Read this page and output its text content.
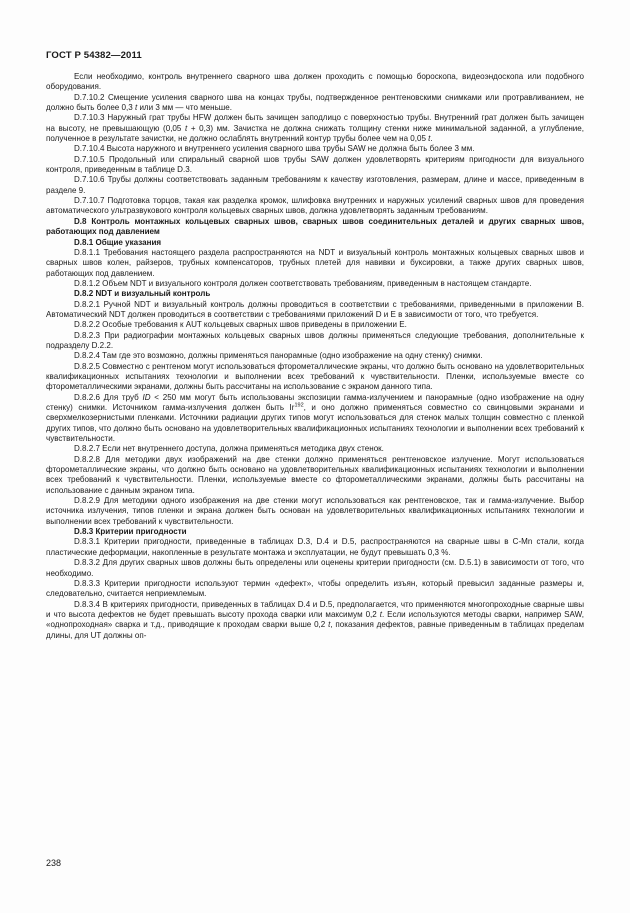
ГОСТ Р 54382—2011

Если необходимо, контроль внутреннего сварного шва должен проходить с помощью бороскопа, видеоэндоскопа или подобного оборудования.

D.7.10.2 Смещение усиления сварного шва на концах трубы, подтвержденное рентгеновскими снимками или протравливанием, не должно быть более 0,3 t или 3 мм — что меньше.

D.7.10.3 Наружный грат трубы HFW должен быть зачищен заподлицо с поверхностью трубы. Внутренний грат должен быть зачищен на высоту, не превышающую (0,05 t + 0,3) мм. Зачистка не должна снижать толщину стенки ниже минимальной заданной, а углубление, полученное в результате зачистки, не должно ослаблять внутренний контур трубы более чем на 0,05 t.

D.7.10.4 Высота наружного и внутреннего усиления сварного шва трубы SAW не должна быть более 3 мм.

D.7.10.5 Продольный или спиральный сварной шов трубы SAW должен удовлетворять критериям пригодности для визуального контроля, приведенным в таблице D.3.

D.7.10.6 Трубы должны соответствовать заданным требованиям к качеству изготовления, размерам, длине и массе, приведенным в разделе 9.

D.7.10.7 Подготовка торцов, такая как разделка кромок, шлифовка внутренних и наружных усилений сварных швов для проведения автоматического ультразвукового контроля кольцевых сварных швов, должна удовлетворять заданным требованиям.

D.8 Контроль монтажных кольцевых сварных швов, сварных швов соединительных деталей и других сварных швов, работающих под давлением

D.8.1 Общие указания

D.8.1.1 Требования настоящего раздела распространяются на NDT и визуальный контроль монтажных кольцевых сварных швов и сварных швов колен, райзеров, трубных компенсаторов, трубных плетей для навивки и буксировки, а также других сварных швов, работающих под давлением.

D.8.1.2 Объем NDT и визуального контроля должен соответствовать требованиям, приведенным в настоящем стандарте.

D.8.2 NDT и визуальный контроль

D.8.2.1 Ручной NDT и визуальный контроль должны проводиться в соответствии с требованиями, приведенными в приложении В. Автоматический NDT должен проводиться в соответствии с требованиями приложений D и Е в зависимости от того, что требуется.

D.8.2.2 Особые требования к AUT кольцевых сварных швов приведены в приложении Е.

D.8.2.3 При радиографии монтажных кольцевых сварных швов должны применяться следующие требования, дополнительные к подразделу D.2.2.

D.8.2.4 Там где это возможно, должны применяться панорамные (одно изображение на одну стенку) снимки.

D.8.2.5 Совместно с рентгеном могут использоваться фторометаллические экраны, что должно быть основано на удовлетворительных квалификационных испытаниях технологии и выполнении всех требований к чувствительности. Пленки, используемые вместе со фторометаллическими экранами, должны быть рассчитаны на использование с экраном данного типа.

D.8.2.6 Для труб ID < 250 мм могут быть использованы экспозиции гамма-излучением и панорамные (одно изображение на одну стенку) снимки. Источником гамма-излучения должен быть Ir$^{192}$, и оно должно применяться совместно со свинцовыми экранами и сверхмелкозернистыми пленками. Источники радиации других типов могут использоваться для стенок малых толщин совместно с пленкой других типов, что должно быть основано на удовлетворительных квалификационных испытаниях технологии и выполнении всех требований к чувствительности.

D.8.2.7 Если нет внутреннего доступа, должна применяться методика двух стенок.

D.8.2.8 Для методики двух изображений на две стенки должно применяться рентгеновское излучение. Могут использоваться фторометаллические экраны, что должно быть основано на удовлетворительных квалификационных испытаниях технологии и выполнении всех требований к чувствительности. Пленки, используемые вместе со фторометаллическими экранами, должны быть рассчитаны на использование с данным экраном типа.

D.8.2.9 Для методики одного изображения на две стенки могут использоваться как рентгеновское, так и гамма-излучение. Выбор источника излучения, типов пленки и экрана должен быть основан на удовлетворительных квалификационных испытаниях технологии и выполнении всех требований к чувствительности.

D.8.3 Критерии пригодности

D.8.3.1 Критерии пригодности, приведенные в таблицах D.3, D.4 и D.5, распространяются на сварные швы в C-Mn стали, когда пластические деформации, накопленные в результате монтажа и эксплуатации, не будут превышать 0,3 %.

D.8.3.2 Для других сварных швов должны быть определены или оценены критерии пригодности (см. D.5.1) в зависимости от того, что необходимо.

D.8.3.3 Критерии пригодности используют термин «дефект», чтобы определить изъян, который превысил заданные размеры и, следовательно, считается неприемлемым.

D.8.3.4 В критериях пригодности, приведенных в таблицах D.4 и D.5, предполагается, что применяются многопроходные сварные швы и что высота дефектов не будет превышать высоту прохода сварки или максимум 0,2 t. Если используются методы сварки, например SAW, «однопроходная» сварка и т.д., приводящие к проходам сварки выше 0,2 t, показания дефектов, равные приведенным в таблицах пределам длины, для UT должны оп-

238
